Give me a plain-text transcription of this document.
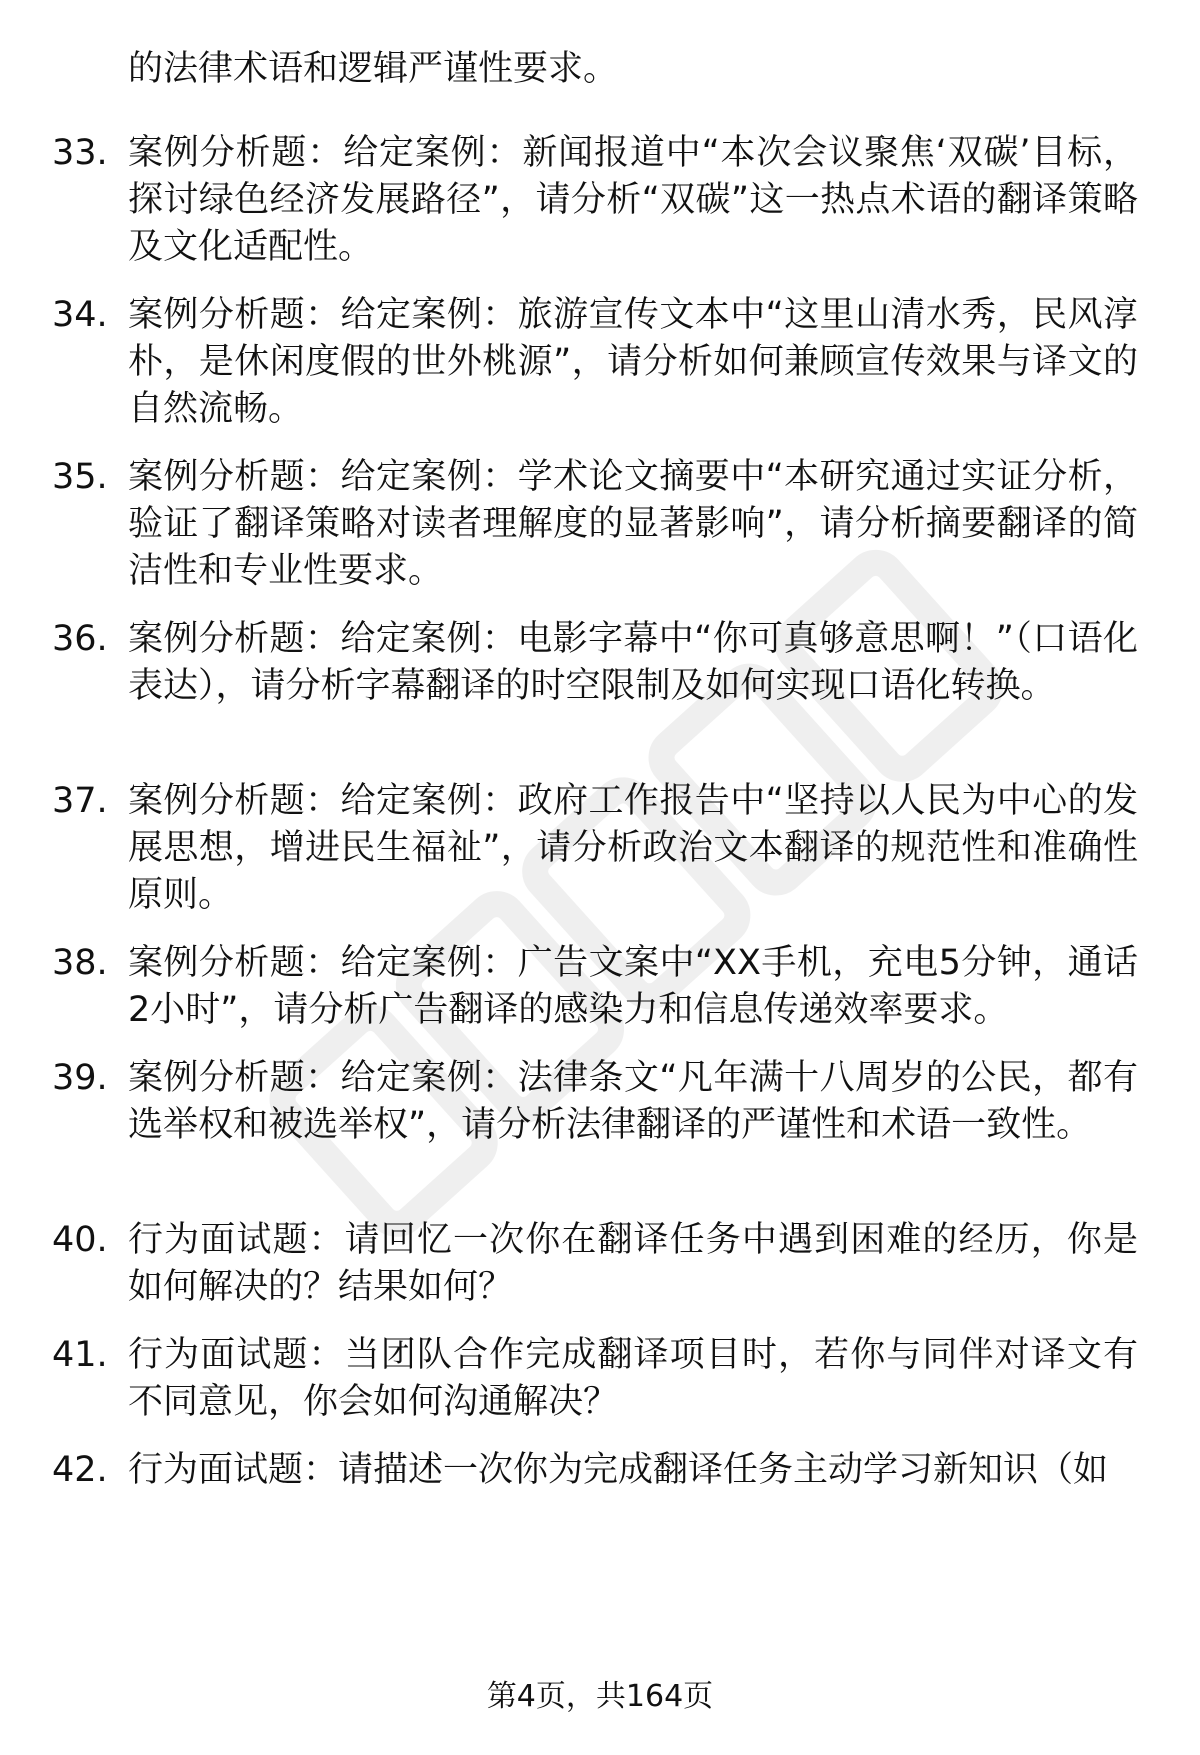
的法律术语和逻辑严谨性要求。
33. 案例分析题：给定案例：新闻报道中“本次会议聚焦‘双碳’目标，探讨绿色经济发展路径”，请分析“双碳”这一热点术语的翻译策略及文化适配性。
34. 案例分析题：给定案例：旅游宣传文本中“这里山清水秀，民风淳朴，是休闲度假的世外桃源”，请分析如何兼顾宣传效果与译文的自然流畅。
35. 案例分析题：给定案例：学术论文摘要中“本研究通过实证分析，验证了翻译策略对读者理解度的显著影响”，请分析摘要翻译的简洁性和专业性要求。
36. 案例分析题：给定案例：电影字幕中“你可真够意思啊！”（口语化表达），请分析字幕翻译的时空限制及如何实现口语化转换。
37. 案例分析题：给定案例：政府工作报告中“坚持以人民为中心的发展思想，增进民生福祉”，请分析政治文本翻译的规范性和准确性原则。
38. 案例分析题：给定案例：广告文案中“XX手机，充电5分钟，通话2小时”，请分析广告翻译的感染力和信息传递效率要求。
39. 案例分析题：给定案例：法律条文“凡年满十八周岁的公民，都有选举权和被选举权”，请分析法律翻译的严谨性和术语一致性。
40. 行为面试题：请回忆一次你在翻译任务中遇到困难的经历，你是如何解决的？结果如何？
41. 行为面试题：当团队合作完成翻译项目时，若你与同伴对译文有不同意见，你会如何沟通解决？
42. 行为面试题：请描述一次你为完成翻译任务主动学习新知识（如
第4页，共164页
